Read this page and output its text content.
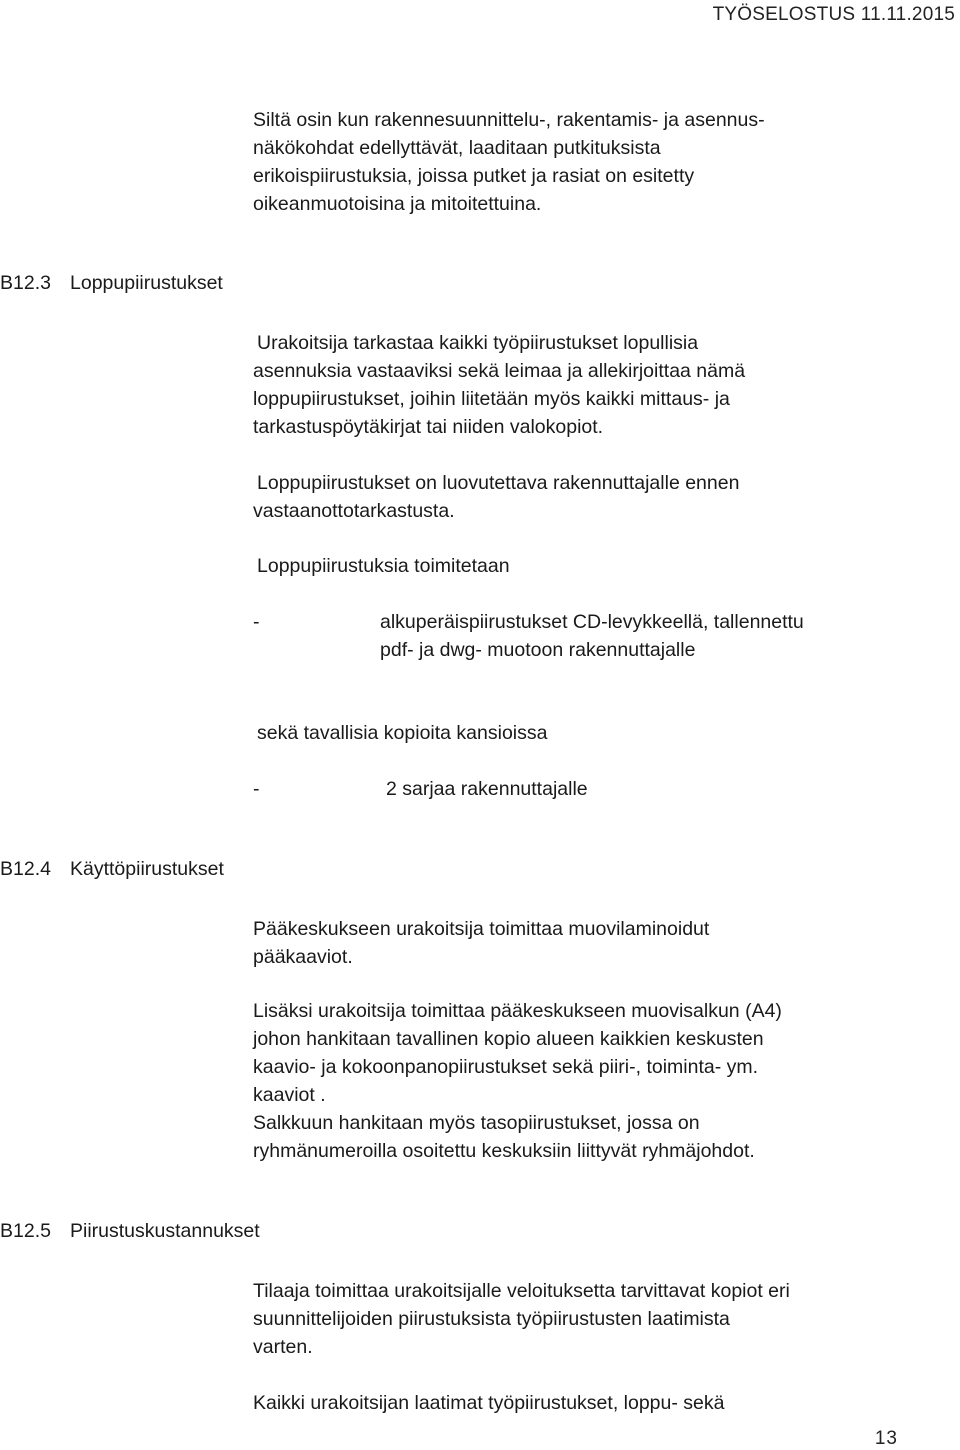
TYÖSELOSTUS 11.11.2015
Siltä osin kun rakennesuunnittelu-, rakentamis- ja asennus-
näkökohdat edellyttävät, laaditaan putkituksista
erikoispiirustuksia, joissa putket ja rasiat on esitetty
oikeanmuotoisina ja mitoitettuina.
B12.3 Loppupiirustukset
Urakoitsija tarkastaa kaikki työpiirustukset lopullisia
asennuksia vastaaviksi sekä leimaa ja allekirjoittaa nämä
loppupiirustukset, joihin liitetään myös kaikki mittaus- ja
tarkastuspöytäkirjat tai niiden valokopiot.
Loppupiirustukset on luovutettava rakennuttajalle ennen
vastaanottotarkastusta.
Loppupiirustuksia toimitetaan
-	alkuperäispiirustukset CD-levykkeellä, tallennettu
pdf- ja dwg- muotoon rakennuttajalle
sekä tavallisia kopioita kansioissa
-	2 sarjaa rakennuttajalle
B12.4 Käyttöpiirustukset
Pääkeskukseen urakoitsija toimittaa muovilaminoidut
pääkaaviot.
Lisäksi urakoitsija toimittaa pääkeskukseen muovisalkun (A4)
johon hankitaan tavallinen kopio alueen kaikkien keskusten
kaavio- ja kokoonpanopiirustukset sekä piiri-, toiminta- ym.
kaaviot .
Salkkuun hankitaan myös tasopiirustukset, jossa on
ryhmänumeroilla osoitettu keskuksiin liittyvät ryhmäjohdot.
B12.5 Piirustuskustannukset
Tilaaja toimittaa urakoitsijalle veloituksetta tarvittavat kopiot eri
suunnittelijoiden piirustuksista työpiirustusten laatimista
varten.
Kaikki urakoitsijan laatimat työpiirustukset, loppu- sekä
13
